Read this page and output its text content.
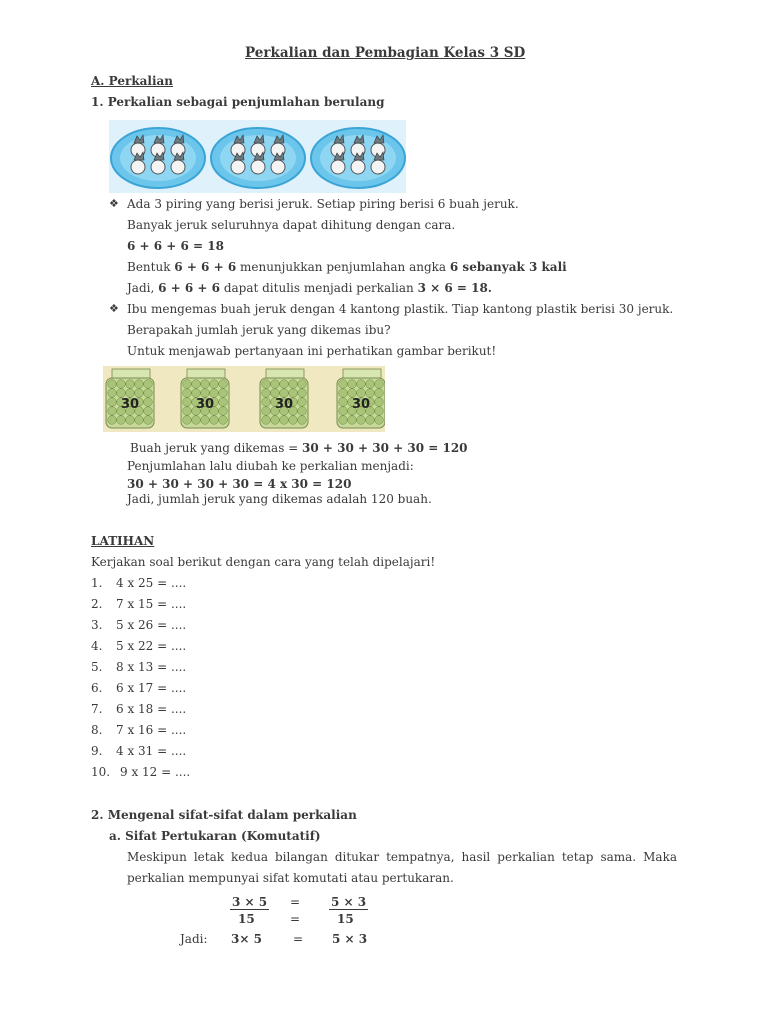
Perkalian dan Pembagian Kelas 3 SD
A. Perkalian
1. Perkalian sebagai penjumlahan berulang
❖ Ada 3 piring yang berisi jeruk. Setiap piring berisi 6 buah jeruk.
Banyak jeruk seluruhnya dapat dihitung dengan cara.
6 + 6 + 6 = 18
Bentuk 6 + 6 + 6 menunjukkan penjumlahan angka 6 sebanyak 3 kali
Jadi, 6 + 6 + 6 dapat ditulis menjadi perkalian 3 × 6 = 18.
❖ Ibu mengemas buah jeruk dengan 4 kantong plastik. Tiap kantong plastik berisi 30 jeruk.
Berapakah jumlah jeruk yang dikemas ibu?
Untuk menjawab pertanyaan ini perhatikan gambar berikut!
30	30	30	30
Buah jeruk yang dikemas = 30 + 30 + 30 + 30 = 120
Penjumlahan lalu diubah ke perkalian menjadi:
30 + 30 + 30 + 30 = 4 x 30 = 120
Jadi, jumlah jeruk yang dikemas adalah 120 buah.
LATIHAN
Kerjakan soal berikut dengan cara yang telah dipelajari!
1. 4 x 25 = ....
2. 7 x 15 = ....
3. 5 x 26 = ....
4. 5 x 22 = ....
5. 8 x 13 = ....
6. 6 x 17 = ....
7. 6 x 18 = ....
8. 7 x 16 = ....
9. 4 x 31 = ....
10. 9 x 12 = ....
2. Mengenal sifat-sifat dalam perkalian
a. Sifat Pertukaran (Komutatif)
Meskipun letak kedua bilangan ditukar tempatnya, hasil perkalian tetap sama. Maka
perkalian mempunyai sifat komutati atau pertukaran.
3 × 5 =	5 × 3
15	=	15
Jadi: 3× 5	= 5 × 3
